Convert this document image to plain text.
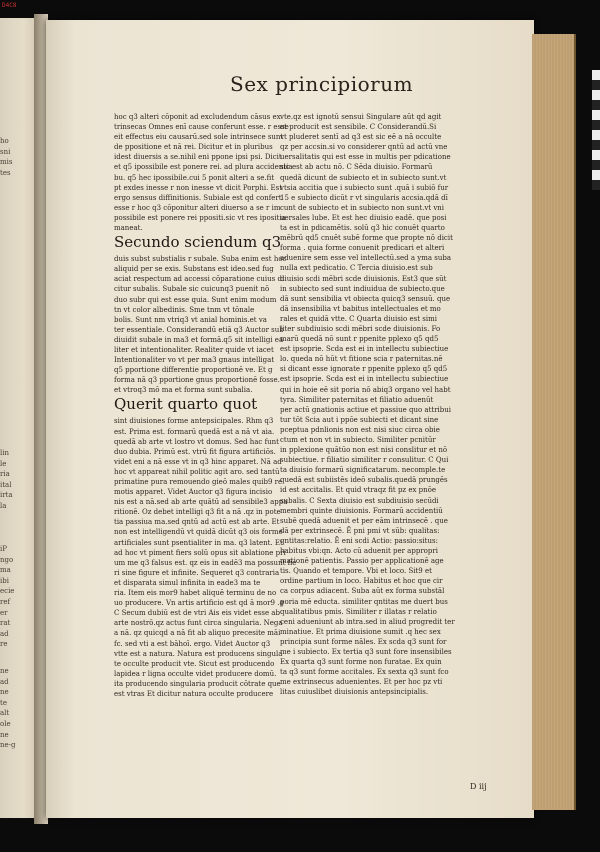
D4C8
ho
sni
mis
tes
lin
le
ria
ital
irta
la
iP
ngo
ma
ibi
ecie
ref
er
rat
ad
re
ne
ad
ne
te
alt
ole
ne
ne-g
Sex principiorum
hoc q3 alteri cōponit ad excludendum cāsus ex
trinsecas Omnes enī cause conferunt esse. r esse
eit effectus eiu causarū.sed sole intrinsece sunt
de ppositione et nā rei. Dicitur et in pluribus
idest diuersis a se.nihil eni ppone ipsi psi. Dicit
et q5 ipossibile est ponere rei. ad plura accidentia
bu. q5 hec ipossibile.cui 5 ponit alteri a se.fit
pt exdes inesse r non inesse vt dicit Porphi. Est
ergo sensus diffinitionis. Subiale est qd confert
esse r hoc q3 cōponitur alteri diuerso a se r im
possibile est ponere rei ppositi.sic vt res ipositia
maneat.
Secundo sciendum q3
duis subst substialis r subale. Suba enim est hoc
aliquid per se exis. Substans est ideo.sed fug
aciat respectum ad accessi cōparatione cuius di
citur subalis. Subale sic cuicunq3 puenit nō
duo subr qui est esse quia. Sunt enim modum
tn vt color albedinis. Sme tnm vt tōnale
bolis. Sunt nm vtriq3 vt anial hominis.et va
ter essentiale. Considerandū etiā q3 Auctor sub
diuidit subale in ma3 et formā.q5 sit intelligi ea
liter et intentionaliter. Realiter quide vt iacet
Intentionaliter vo vt per ma3 gnaus intelligat
q5 pportione differentie proportionē ve. Et g
forma nā q3 pportione gnus proportionē fosse.
et vtroq3 mō ma et forma sunt subalia.
Querit quarto quot
sint diuisiones forme antepsicipales. Rhm q3
est. Prima est. formarū quedā est a nā vt aia.
quedā ab arte vt lostro vt domus. Sed hac funt
duo dubia. Primū est. vtrū fit figura artificiōs.
videt eni a nā esse vt in q3 hinc apparet. Nā ad
hoc vt appareat nihil politic agit aro. sed tantū
primatine pura remouendo gieō males quib9 re
motis apparet. Videt Auctor q3 figura incisio
nis est a nā.sed ab arte quātū ad sensibile3 appa
ritionē. Oz debet intelligi q3 fit a nā .qz in pote
tia passiua ma.sed qntū ad actū est ab arte. Et
non est intelligendū vt quidā dicūt q3 ois forme
artificiales sunt psentialiter in ma. q3 latent. Et
ad hoc vt piment fiers solū opus sit ablatione pri
um me q3 falsus est. qz eis in eadē3 ma possunt fie
ri sine figure et infinite. Sequeret q3 contraria
et disparata simul infinita in eade3 ma te
ria. Item eis mor9 habet aliquē terminu de no
uo producere. Vn artis artificio est qd ā mor9 .g
C Secum dubiū est de vtri Ais eis videt esse ab
arte nostrō.qz actus funt circa singularia. Nega
a nā. qz quicqd a nā fit ab aliquo precesite māi
fc. sed vti a est bāhoī. ergo. Videt Auctor q3
vtte est a natura. Natura est producens singula
te occulte producit vte. Sicut est producendo
lapidea r ligna occulte videt producere domū.
ita producendo singularia producit cōtrate que
est vtras Et dicitur natura occulte producere
vte.qz est ignotū sensui Singulare aūt qd agit
et producit est sensibile. C Considerandū.Si
vt pluderet sentī ad q3 est sic eē a nā occulte
qz per accsin.si vo considerer qntū ad actū vne
uersalitatis qui est esse in multis per pdicatione
sic est ab actu nō. C Sēda diuisio. Formarū
quedā dicunt de subiecto et in subiecto sunt.vt
vtsia accitia que i subiecto sunt .quā i subiō fur
15 e subiecto dicūt r vt singularis accsia.qdā dī
cunt de subiecto et in subiecto non sunt.vt vni
uersales lube. Et est hec diuisio eadē. que posi
ta est in pdicamētis. solū q3 hic conuēt quarto
mēbrū qd5 cnuēt subē forme que propte nō dicit
forma . quia forme conuenit predicari et alteri
aduenire sem esse vel intellectū.sed a yma suba
nulla ext pedicatio. C Tercia diuisio.est sub
diuisio scdi mēbri scde diuisionis. Est3 que sūt
in subiecto sed sunt indiuidua de subiecto.que
dā sunt sensibilia vt obiecta quicq3 sensuū. que
dā insensibilia vt babitus intellectuales et mo
rales et quidā vtte. C Quarta diuisio est simi
liter subdiuisio scdi mēbri scde diuisionis. Fo
marū quedā nō sunt r ppenite pplexo q5 qd5
est ipsoprie. Scda est ei in intellectu subiectiue
lo. queda nō hūt vt fitione scia r paternitas.nē
si dicant esse ignorate r ppenite pplexo q5 qd5
est ipsoprie. Scda est ei in intellectu subiectiue
qui in hoie eē sit poria nō abiq3 organo vel habt
tyra. Similiter paternitas et filiatio aduenūt
per actū gnationis actiue et passiue quo attribui
tur tōt Scia aut i ppōe subiecti et dicant sine
pceptua pdnlionis non est nisi siuc circa obie
ctum et non vt in subiecto. Similiter pcnitūr
in pplexione quātūo non est nisi conslitur et nō
subiectiue. r filiatio similiter r consulitur. C Qui
ta diuisio formarū significatarum. necomple.te
quedā est subiistēs ideō subalis.quedā prungēs
id est accitalis. Et quid vtraqz fit pz ex pnōe
subalis. C Sexta diuisio est subdiuisio secūdi
membri quinte diuisionis. Formarū accidentiū
subē quedā aduenit et per eām intrinsecē . que
dā per extrinsecē. Ē pni pmi vt sūb: qualitas:
qntitas:relatio. Ē eni scdi Actio: passio:situs:
habitus vbi:qn. Acto cū aduenit per appropri
mationē patientis. Passio per applicationē age
tis. Quando et tempore. Vbi et loco. Sit9 et
ordine partium in loco. Habitus et hoc que cir
ca corpus adiacent. Suba aūt ex forma substāl
poria mē educta. similiter qntitas me duert bus
qualitatibus pmis. Similiter r illatas r relatio
ceni adueniunt ab intra.sed in aliud progredit ter
minatiue. Et prima diuisione sumit .q hec sex
principia sunt forme nāles. Ex scda q3 sunt for
me i subiecto. Ex tertia q3 sunt fore insensibiles
Ex quarta q3 sunt forme non furatae. Ex quin
ta q3 sunt forme accitales. Ex sexta q3 sunt fco
me extrinsecus aduenientes. Et per hoc pz vti
litas cuiuslibet diuisionis antepsincipialis.
D iij
